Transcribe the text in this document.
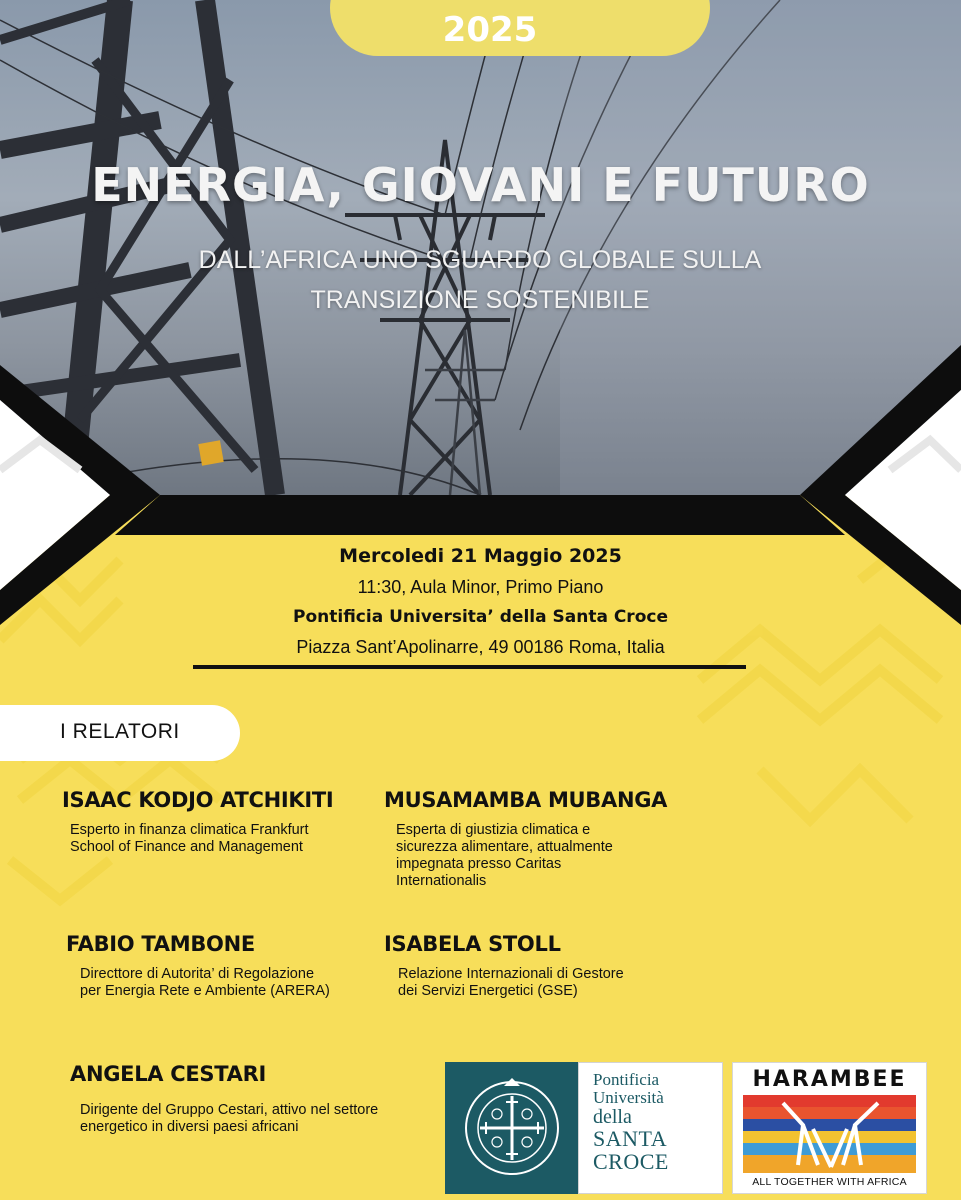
2025
ENERGIA, GIOVANI E FUTURO
DALL’AFRICA UNO SGUARDO GLOBALE SULLA TRANSIZIONE SOSTENIBILE
Mercoledi 21 Maggio 2025
11:30, Aula Minor, Primo Piano
Pontificia Universita’ della Santa Croce
Piazza Sant’Apolinarre, 49 00186 Roma, Italia
I RELATORI
ISAAC KODJO ATCHIKITI
Esperto in finanza climatica Frankfurt School of Finance and Management
MUSAMAMBA MUBANGA
Esperta di giustizia climatica e sicurezza alimentare, attualmente impegnata presso Caritas Internationalis
FABIO TAMBONE
Directtore di Autorita’ di Regolazione per Energia Rete e Ambiente (ARERA)
ISABELA STOLL
Relazione Internazionali di Gestore dei Servizi Energetici (GSE)
ANGELA CESTARI
Dirigente del Gruppo Cestari, attivo nel settore energetico in diversi paesi africani
Pontificia
Università
della
SANTA
CROCE
HARAMBEE
ALL TOGETHER WITH AFRICA
